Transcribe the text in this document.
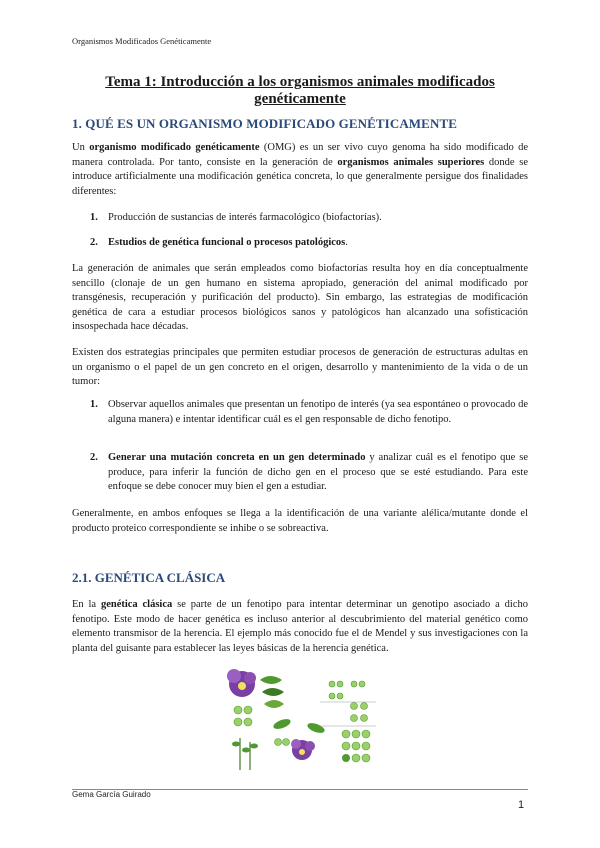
Organismos Modificados Genéticamente
Tema 1: Introducción a los organismos animales modificados genéticamente
1. QUÉ ES UN ORGANISMO MODIFICADO GENÉTICAMENTE

Un organismo modificado genéticamente (OMG) es un ser vivo cuyo genoma ha sido modificado de manera controlada. Por tanto, consiste en la generación de organismos animales superiores donde se introduce artificialmente una modificación genética concreta, lo que generalmente persigue dos finalidades diferentes:

1. Producción de sustancias de interés farmacológico (biofactorías).

2. Estudios de genética funcional o procesos patológicos.

La generación de animales que serán empleados como biofactorías resulta hoy en día conceptualmente sencillo (clonaje de un gen humano en sistema apropiado, generación del animal modificado por transgénesis, recuperación y purificación del producto). Sin embargo, las estrategias de modificación genética de cara a estudiar procesos biológicos sanos y patológicos han alcanzado una sofisticación insospechada hace décadas.

Existen dos estrategias principales que permiten estudiar procesos de generación de estructuras adultas en un organismo o el papel de un gen concreto en el origen, desarrollo y mantenimiento de la vida o de un tumor:

1. Observar aquellos animales que presentan un fenotipo de interés (ya sea espontáneo o provocado de alguna manera) e intentar identificar cuál es el gen responsable de dicho fenotipo.

2. Generar una mutación concreta en un gen determinado y analizar cuál es el fenotipo que se produce, para inferir la función de dicho gen en el proceso que se esté estudiando. Para este enfoque se debe conocer muy bien el gen a estudiar.

Generalmente, en ambos enfoques se llega a la identificación de una variante alélica/mutante donde el producto proteico correspondiente se inhibe o se sobreactiva.

2.1. GENÉTICA CLÁSICA

En la genética clásica se parte de un fenotipo para intentar determinar un genotipo asociado a dicho fenotipo. Este modo de hacer genética es incluso anterior al descubrimiento del material genético como elemento transmisor de la herencia. El ejemplo más conocido fue el de Mendel y sus investigaciones con la planta del guisante para establecer las leyes básicas de la herencia genética.

Gema García Guirado
1
